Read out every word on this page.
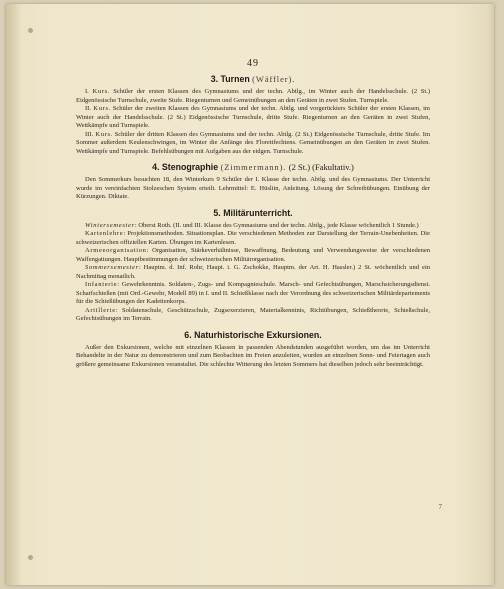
49
3. Turnen (Wäffler).

I. Kurs. Schüler der ersten Klassen des Gymnasiums und der techn. Abtlg., im Winter auch der Handelsschule. (2 St.) Eidgenössische Turnschule, zweite Stufe. Riegenturnen und Gemeinübungen an den Geräten in zwei Stufen. Turnspiele.

II. Kurs. Schüler der zweiten Klassen des Gymnasiums und der techn. Abtlg. und vorgerückters Schüler der ersten Klassen, im Winter auch der Handelsschule. (2 St.) Eidgenössische Turnschule, dritte Stufe. Riegenturnen an den Geräten in zwei Stufen, Wettkämpfe und Turnspiele.

III. Kurs. Schüler der dritten Klassen des Gymnasiums und der techn. Abtlg. (2 St.) Eidgenössische Turnschule, dritte Stufe. Im Sommer außerdem Keulenschwingen, im Winter die Anfänge des Florettfechtens. Gemeinübungen an den Geräten in zwei Stufen. Wettkämpfe und Turnspiele. Befehlsübungen mit Aufgaben aus der eidgen. Turnschule.

4. Stenographie (Zimmermann). (2 St.) (Fakultativ.)

Den Sommerkurs besuchten 18, den Winterkurs 9 Schüler der I. Klasse der techn. Abtlg. und des Gymnasiums. Der Unterricht wurde im vereinfachten Stolzeschen System erteilt. Lehrmittel: E. Hüsliin, Anleitung. Lösung der Schreibübungen. Einübung der Kürzungen. Diktate.

5. Militärunterricht.

Wintersemester: Oberst Roth. (II. und III. Klasse des Gymnasiums und der techn. Abtlg., jede Klasse wöchentlich 1 Stunde.)

Kartenlehre: Projektionsmethoden. Situationsplan. Die verschiedenen Methoden zur Darstellung der Terrain-Unebenheiten. Die schweizerischen offiziellen Karten. Übungen im Kartenlesen.

Armeeorganisation: Organisation, Stärkeverhältnisse, Bewaffnung, Bedeutung und Verwendungsweise der verschiedenen Waffengattungen. Hauptbestimmungen der schweizerischen Militärorganisation.

Sommersemester: Hauptm. d. Inf. Rohr, Haupt. i. G. Zschokke, Hauptm. der Art. H. Hassler.) 2 St. wöchentlich und ein Nachmittag monatlich.

Infanterie: Gewehrkenntnis. Soldaten-, Zugs- und Kompagnieschule. Marsch- und Gefechtsübungen, Marschsicherungsdienst. Scharfschießen (mit Ord.-Gewehr, Modell 89) in I. und II. Schießklasse nach der Verordnung des schweizerischen Militärdepartements für die Schießübungen der Kadettenkorps.

Artillerie: Soldatenschule, Geschützschule, Zugsexerzieren, Materialkenntnis, Richtübungen, Schießtheorie, Schießschule, Gefechtsübungen im Terrain.

6. Naturhistorische Exkursionen.

Außer den Exkursionen, welche mit einzelnen Klassen in passenden Abendstunden ausgeführt worden, um das im Unterricht Behandelte in der Natur zu demonstrieren und zum Beobachten im Freien anzuleiten, wurden an einzelnen Sonn- und Feiertagen auch größere gemeinsame Exkursionen veranstaltet. Die schlechte Witterung des letzten Sommers hat dieselben jedoch sehr beeinträchtigt.

7
